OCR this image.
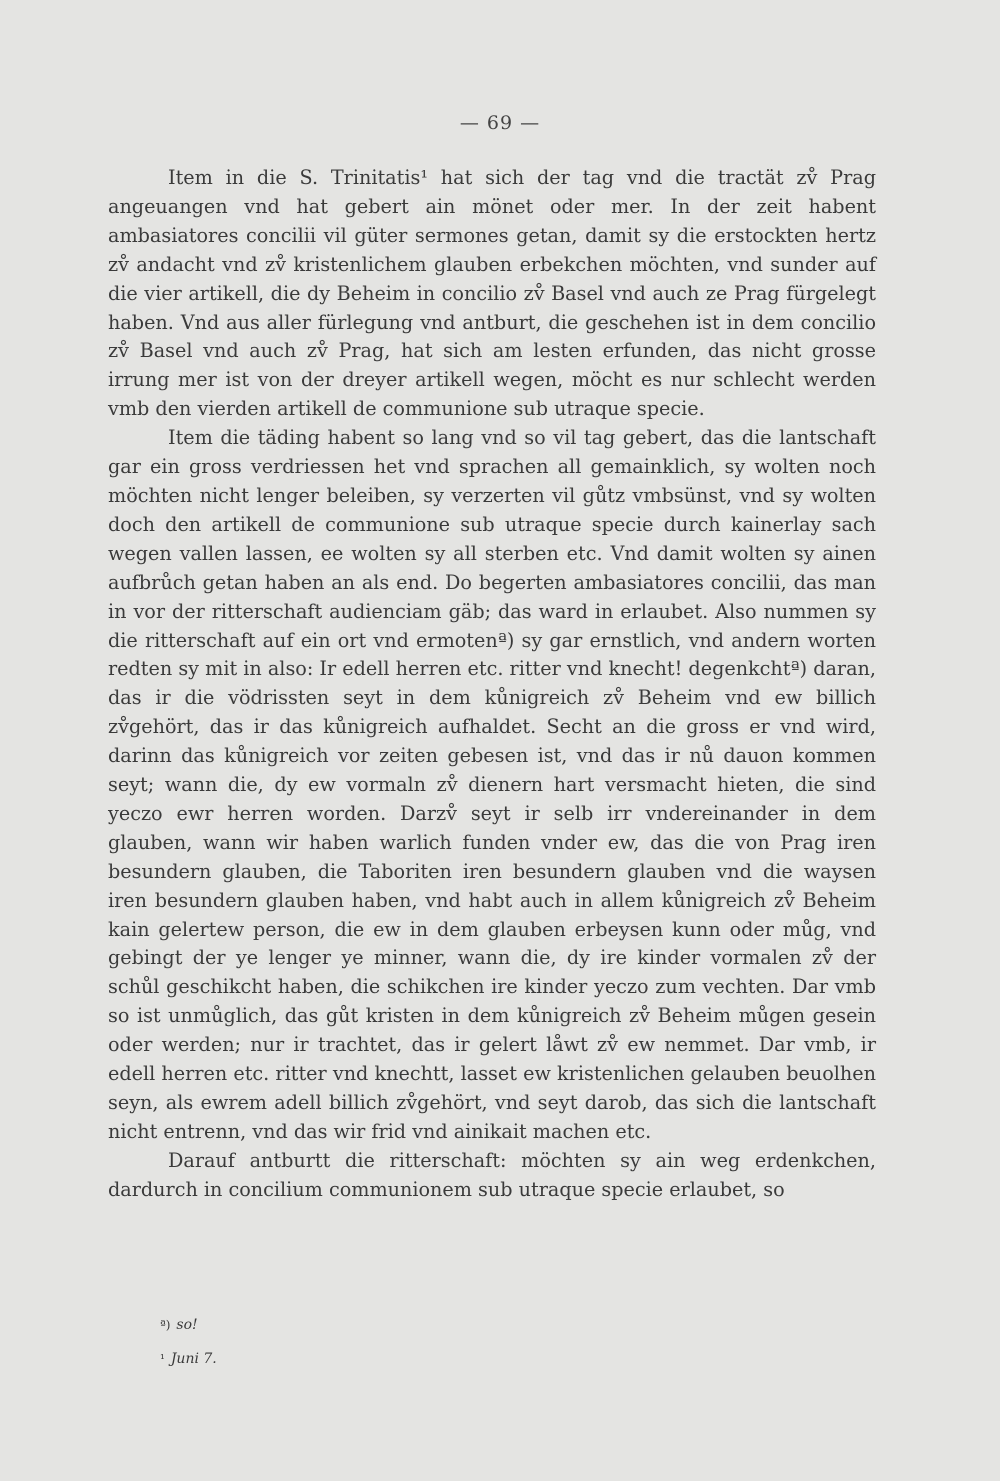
— 69 —

Item in die S. Trinitatis¹ hat sich der tag vnd die tractät zv̊ Prag angeuangen vnd hat gebert ain mönet oder mer. In der zeit habent ambasiatores concilii vil güter sermones getan, damit sy die erstockten hertz zv̊ andacht vnd zv̊ kristenlichem glauben erbekchen möchten, vnd sunder auf die vier artikell, die dy Beheim in concilio zv̊ Basel vnd auch ze Prag fürgelegt haben. Vnd aus aller fürlegung vnd antburt, die geschehen ist in dem concilio zv̊ Basel vnd auch zv̊ Prag, hat sich am lesten erfunden, das nicht grosse irrung mer ist von der dreyer artikell wegen, möcht es nur schlecht werden vmb den vierden artikell de communione sub utraque specie.

Item die täding habent so lang vnd so vil tag gebert, das die lantschaft gar ein gross verdriessen het vnd sprachen all gemainklich, sy wolten noch möchten nicht lenger beleiben, sy verzerten vil gůtz vmbsünst, vnd sy wolten doch den artikell de communione sub utraque specie durch kainerlay sach wegen vallen lassen, ee wolten sy all sterben etc. Vnd damit wolten sy ainen aufbrůch getan haben an als end. Do begerten ambasiatores concilii, das man in vor der ritterschaft audienciam gäb; das ward in erlaubet. Also nummen sy die ritterschaft auf ein ort vnd ermotenª) sy gar ernstlich, vnd andern worten redten sy mit in also: Ir edell herren etc. ritter vnd knecht! degenkchtª) daran, das ir die vödrissten seyt in dem kůnigreich zv̊ Beheim vnd ew billich zv̊gehört, das ir das kůnigreich aufhaldet. Secht an die gross er vnd wird, darinn das kůnigreich vor zeiten gebesen ist, vnd das ir nů dauon kommen seyt; wann die, dy ew vormaln zv̊ dienern hart versmacht hieten, die sind yeczo ewr herren worden. Darzv̊ seyt ir selb irr vndereinander in dem glauben, wann wir haben warlich funden vnder ew, das die von Prag iren besundern glauben, die Taboriten iren besundern glauben vnd die waysen iren besundern glauben haben, vnd habt auch in allem kůnigreich zv̊ Beheim kain gelertew person, die ew in dem glauben erbeysen kunn oder můg, vnd gebingt der ye lenger ye minner, wann die, dy ire kinder vormalen zv̊ der schůl geschikcht haben, die schikchen ire kinder yeczo zum vechten. Dar vmb so ist unmůglich, das gůt kristen in dem kůnigreich zv̊ Beheim můgen gesein oder werden; nur ir trachtet, das ir gelert låwt zv̊ ew nemmet. Dar vmb, ir edell herren etc. ritter vnd knechtt, lasset ew kristenlichen gelauben beuolhen seyn, als ewrem adell billich zv̊gehört, vnd seyt darob, das sich die lantschaft nicht entrenn, vnd das wir frid vnd ainikait machen etc.

Darauf antburtt die ritterschaft: möchten sy ain weg erdenkchen, dardurch in concilium communionem sub utraque specie erlaubet, so

ª) so!
¹ Juni 7.
